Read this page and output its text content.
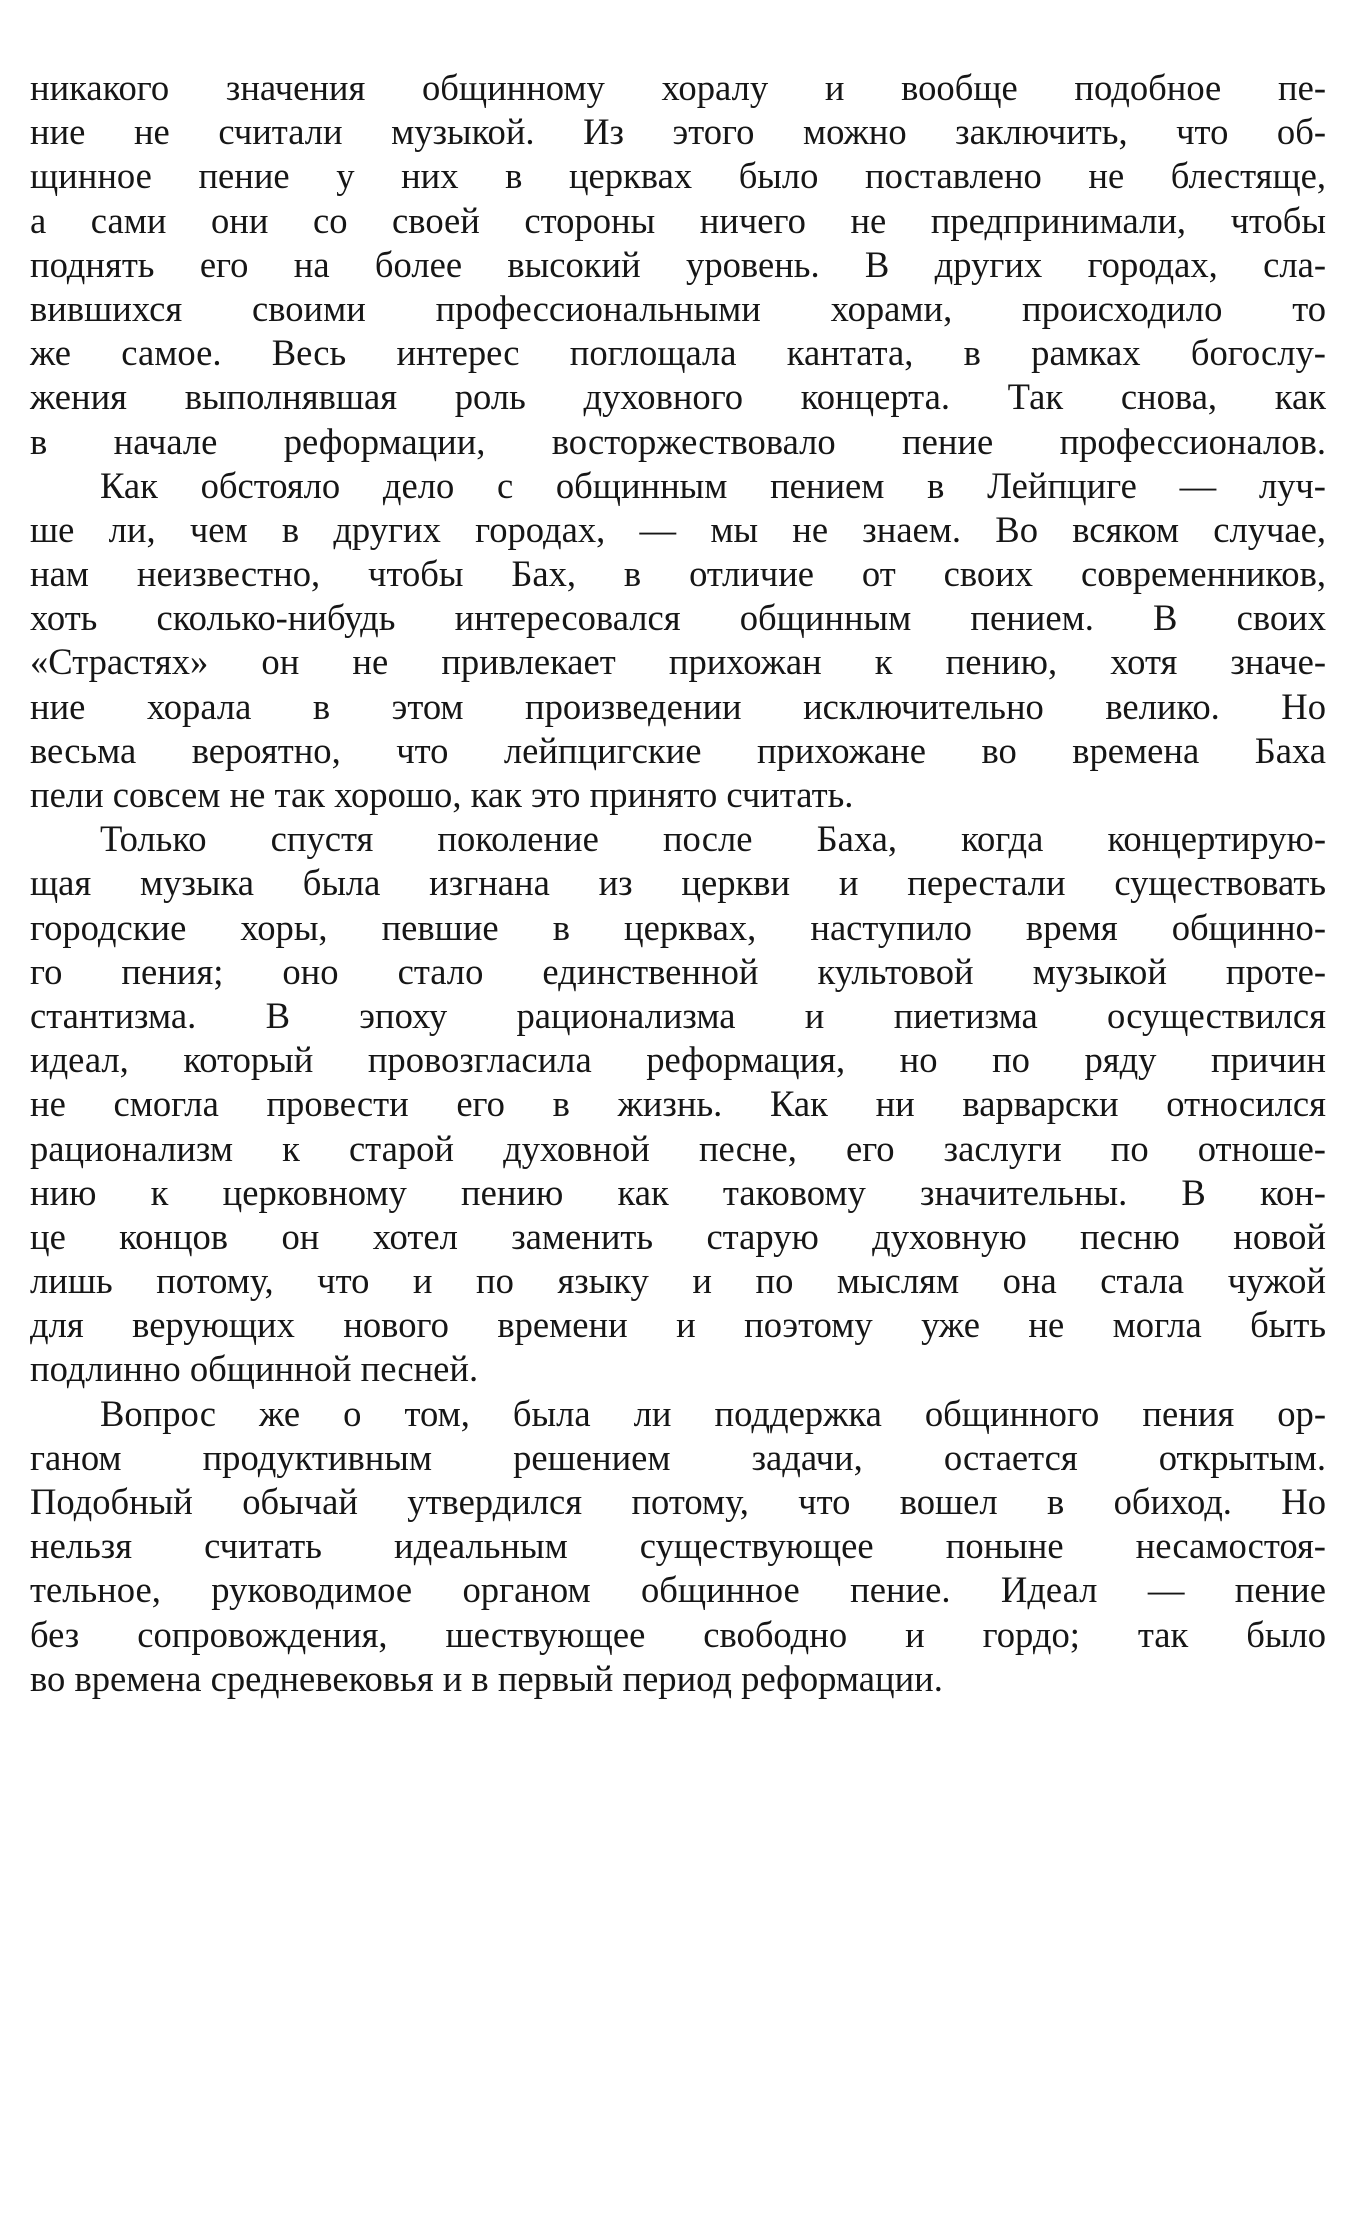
никакого значения общинному хоралу и вообще подобное пе-
ние не считали музыкой. Из этого можно заключить, что об-
щинное пение у них в церквах было поставлено не блестяще,
а сами они со своей стороны ничего не предпринимали, чтобы
поднять его на более высокий уровень. В других городах, сла-
вившихся своими профессиональными хорами, происходило то
же самое. Весь интерес поглощала кантата, в рамках богослу-
жения выполнявшая роль духовного концерта. Так снова, как
в начале реформации, восторжествовало пение профессионалов.
Как обстояло дело с общинным пением в Лейпциге — луч-
ше ли, чем в других городах, — мы не знаем. Во всяком случае,
нам неизвестно, чтобы Бах, в отличие от своих современников,
хоть сколько-нибудь интересовался общинным пением. В своих
«Страстях» он не привлекает прихожан к пению, хотя значе-
ние хорала в этом произведении исключительно велико. Но
весьма вероятно, что лейпцигские прихожане во времена Баха
пели совсем не так хорошо, как это принято считать.
Только спустя поколение после Баха, когда концертирую-
щая музыка была изгнана из церкви и перестали существовать
городские хоры, певшие в церквах, наступило время общинно-
го пения; оно стало единственной культовой музыкой проте-
стантизма. В эпоху рационализма и пиетизма осуществился
идеал, который провозгласила реформация, но по ряду причин
не смогла провести его в жизнь. Как ни варварски относился
рационализм к старой духовной песне, его заслуги по отноше-
нию к церковному пению как таковому значительны. В кон-
це концов он хотел заменить старую духовную песню новой
лишь потому, что и по языку и по мыслям она стала чужой
для верующих нового времени и поэтому уже не могла быть
подлинно общинной песней.
Вопрос же о том, была ли поддержка общинного пения ор-
ганом продуктивным решением задачи, остается открытым.
Подобный обычай утвердился потому, что вошел в обиход. Но
нельзя считать идеальным существующее поныне несамостоя-
тельное, руководимое органом общинное пение. Идеал — пение
без сопровождения, шествующее свободно и гордо; так было
во времена средневековья и в первый период реформации.
